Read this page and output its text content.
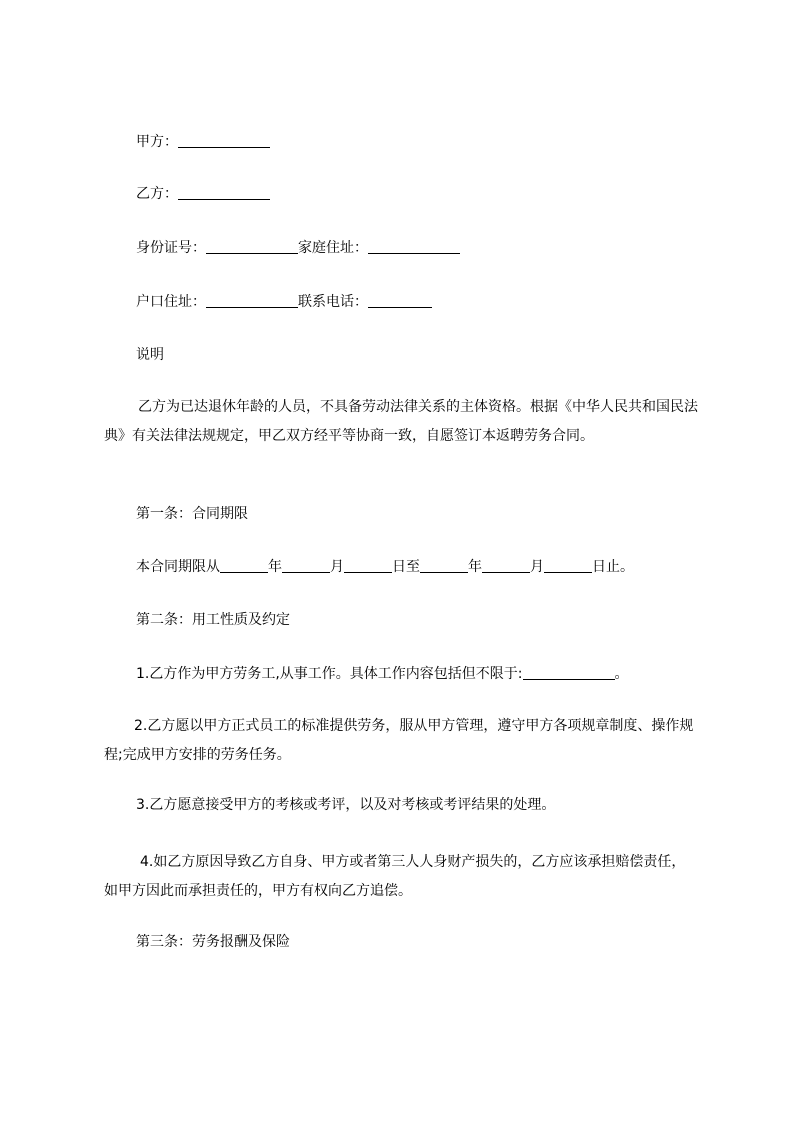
甲方：
乙方：
身份证号：	家庭住址：
户口住址：	联系电话：
说明
乙方为已达退休年龄的人员，不具备劳动法律关系的主体资格。根据《中华人民共和国民法典》有关法律法规规定，甲乙双方经平等协商一致，自愿签订本返聘劳务合同。
第一条：合同期限
本合同期限从	年	月	日至	年	月	日止。
第二条：用工性质及约定
1.乙方作为甲方劳务工,从事工作。具体工作内容包括但不限于:	。
2.乙方愿以甲方正式员工的标准提供劳务，服从甲方管理，遵守甲方各项规章制度、操作规程;完成甲方安排的劳务任务。
3.乙方愿意接受甲方的考核或考评，以及对考核或考评结果的处理。
4.如乙方原因导致乙方自身、甲方或者第三人人身财产损失的，乙方应该承担赔偿责任，如甲方因此而承担责任的，甲方有权向乙方追偿。
第三条：劳务报酬及保险
